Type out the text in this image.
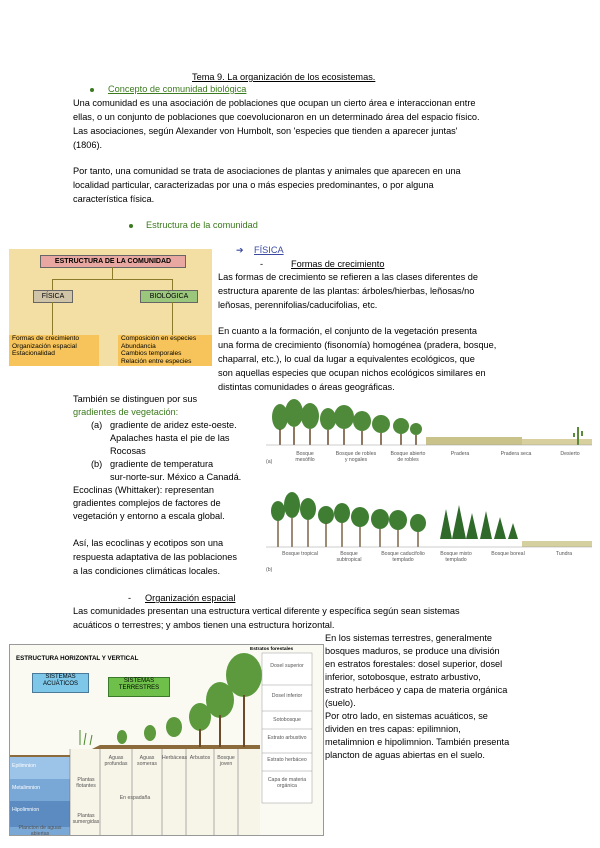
Tema 9. La organización de los ecosistemas.
Concepto de comunidad biológica
Una comunidad es una asociación de poblaciones que ocupan un cierto área e interaccionan entre
ellas, o un conjunto de poblaciones que coevolucionaron en un determinado área del espacio físico.
Las asociaciones, según Alexander von Humbolt, son 'especies que tienden a aparecer juntas'
(1806).
Por tanto, una comunidad se trata de asociaciones de plantas y animales que aparecen en una
localidad particular, caracterizadas por una o más especies predominantes, o por alguna
característica física.
Estructura de la comunidad
ESTRUCTURA DE LA COMUNIDAD
FÍSICA	BIOLÓGICA
Formas de crecimiento
Organización espacial
Estacionalidad
Composición en especies
Abundancia
Cambios temporales
Relación entre especies
➔ FÍSICA
-	Formas de crecimiento
Las formas de crecimiento se refieren a las clases diferentes de
estructura aparente de las plantas: árboles/hierbas, leñosas/no
leñosas, perennifolias/caducifolias, etc.
En cuanto a la formación, el conjunto de la vegetación presenta
una forma de crecimiento (fisonomía) homogénea (pradera, bosque,
chaparral, etc.), lo cual da lugar a equivalentes ecológicos, que
son aquellas especies que ocupan nichos ecológicos similares en
distintas comunidades o áreas geográficas.
También se distinguen por sus
gradientes de vegetación:
(a) gradiente de aridez este-oeste.
Apalaches hasta el pie de las
Rocosas
(b) gradiente de temperatura
sur-norte-sur. México a Canadá.
Ecoclinas (Whittaker): representan
gradientes complejos de factores de
vegetación y entorno a escala global.
Así, las ecoclinas y ecotipos son una
respuesta adaptativa de las poblaciones
a las condiciones climáticas locales.
(a)
Bosque mesófilo
Bosque de robles y nogales
Bosque abierto de robles
Pradera	Pradera seca	Desierto
(b)
Bosque tropical	Bosque subtropical
Bosque caducifolio templado
Bosque mixto templado
Bosque boreal	Tundra
- Organización espacial
Las comunidades presentan una estructura vertical diferente y específica según sean sistemas
acuáticos o terrestres; y ambos tienen una estructura horizontal.
ESTRUCTURA HORIZONTAL Y VERTICAL
SISTEMAS ACUÁTICOS	SISTEMAS TERRESTRES
Estratos forestales
Dosel superior
Dosel inferior
Sotobosque
Estrato arbustivo
Estrato herbáceo
Capa de materia orgánica
Epilimnion
Metalimnion
Hipolimnion
Plantas flotantes
Plantas sumergidas
Aguas profundas
Aguas someras
En espadaña
Herbáceas Arbustos	Bosque joven
Plancton de aguas abiertas
En los sistemas terrestres, generalmente
bosques maduros, se produce una división
en estratos forestales: dosel superior, dosel
inferior, sotobosque, estrato arbustivo,
estrato herbáceo y capa de materia orgánica
(suelo).
Por otro lado, en sistemas acuáticos, se
dividen en tres capas: epilimnion,
metalimnion e hipolimnion. También presenta
plancton de aguas abiertas en el suelo.
